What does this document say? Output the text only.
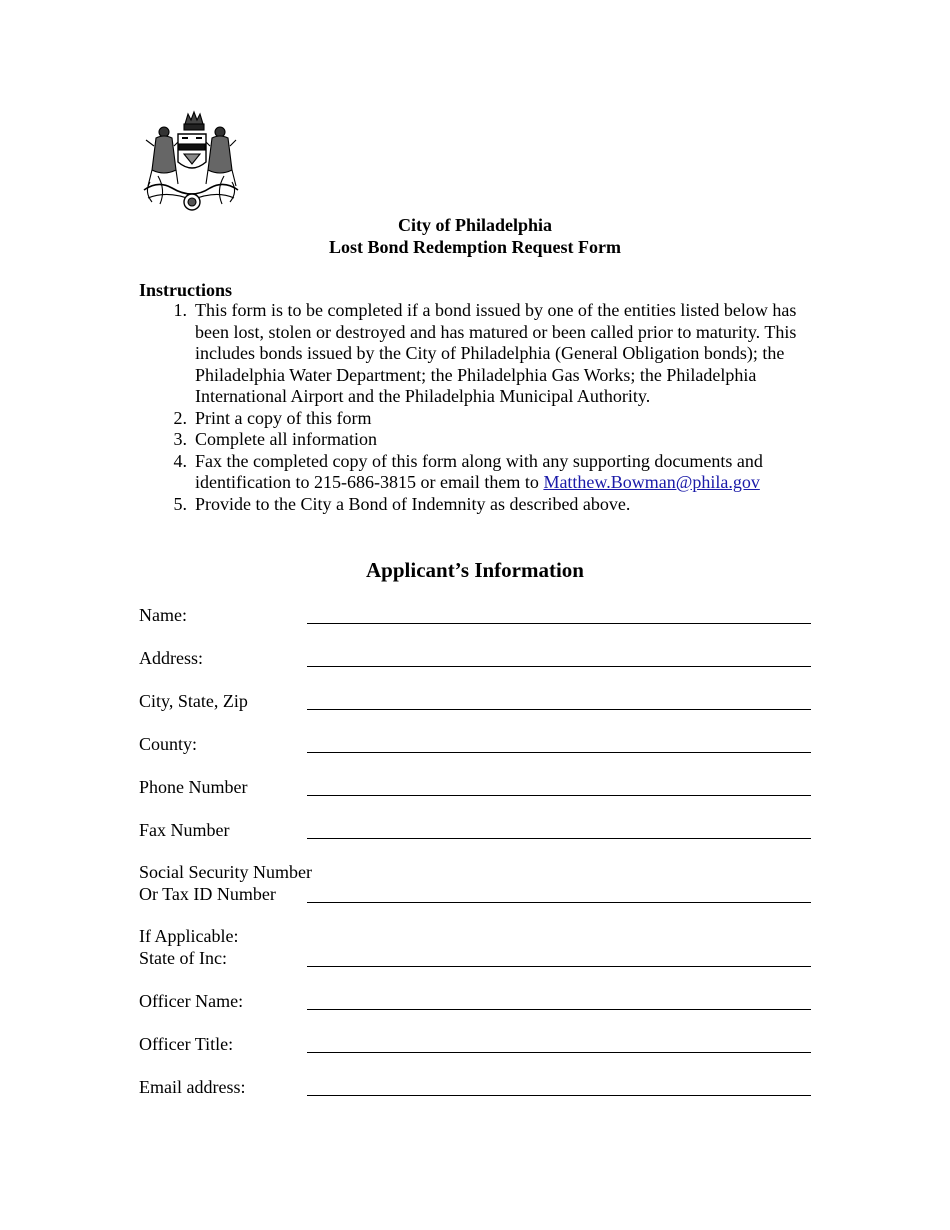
City of Philadelphia
Lost Bond Redemption Request Form
Instructions
1. This form is to be completed if a bond issued by one of the entities listed below has been lost, stolen or destroyed and has matured or been called prior to maturity. This includes bonds issued by the City of Philadelphia (General Obligation bonds); the Philadelphia Water Department; the Philadelphia Gas Works; the Philadelphia International Airport and the Philadelphia Municipal Authority.
2. Print a copy of this form
3. Complete all information
4. Fax the completed copy of this form along with any supporting documents and identification to 215-686-3815 or email them to Matthew.Bowman@phila.gov
5. Provide to the City a Bond of Indemnity as described above.
Applicant’s Information
Name:
Address:
City, State, Zip
County:
Phone Number
Fax Number
Social Security Number
Or Tax ID Number
If Applicable:
State of Inc:
Officer Name:
Officer Title:
Email address:
